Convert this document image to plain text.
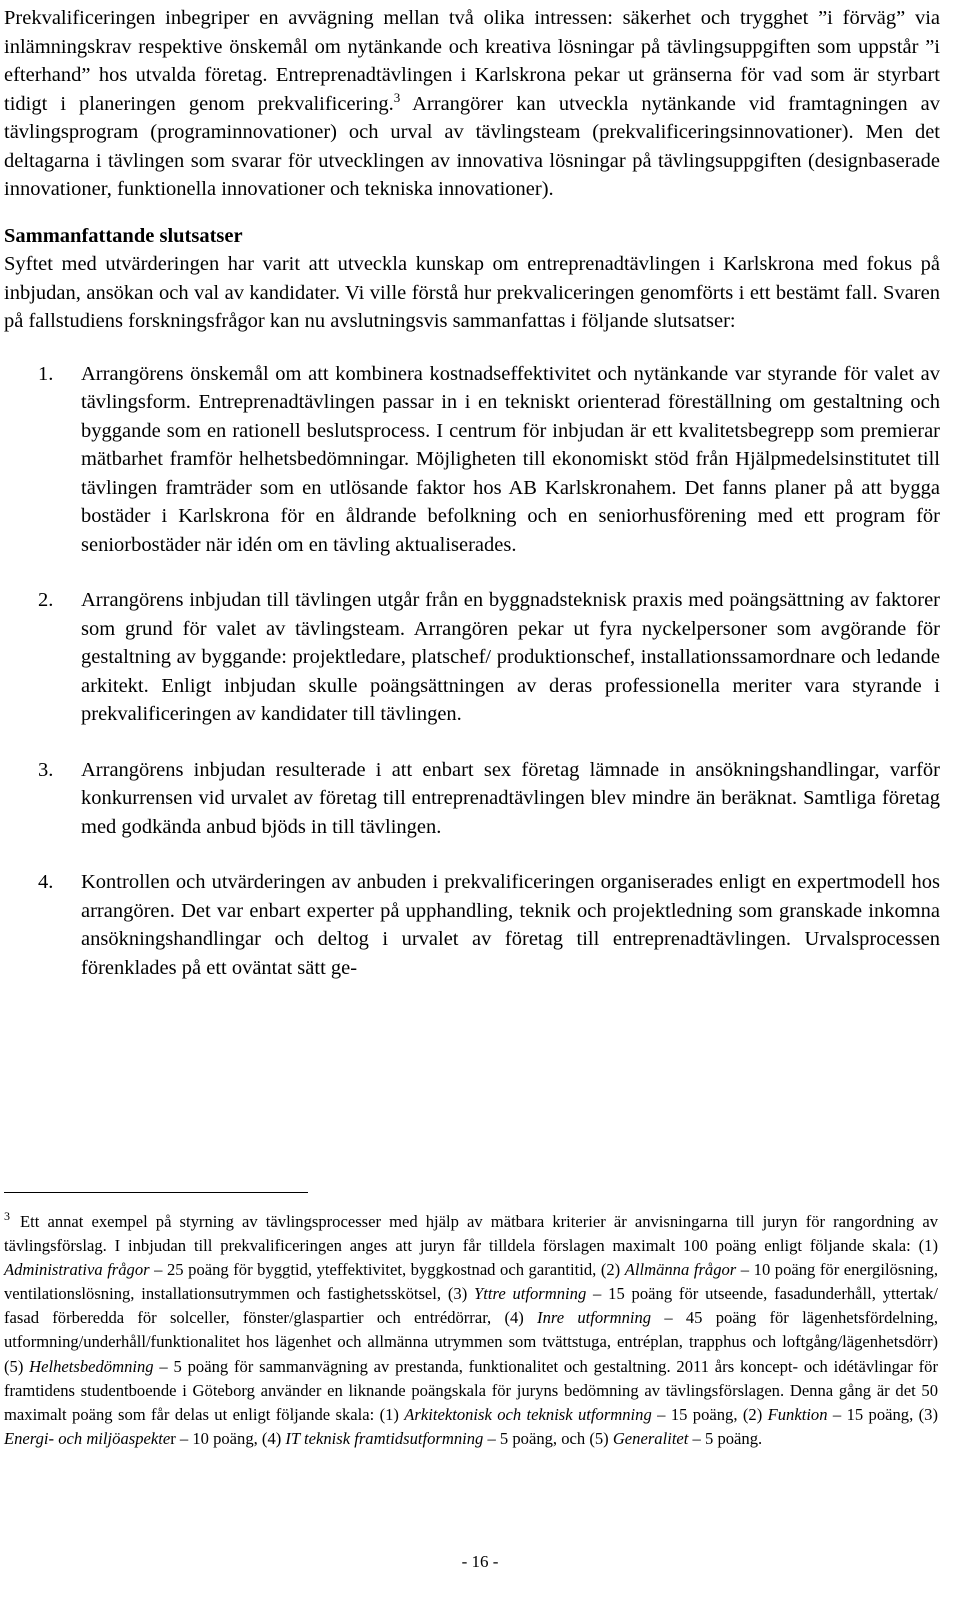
Prekvalificeringen inbegriper en avvägning mellan två olika intressen: säkerhet och trygghet ”i förväg” via inlämningskrav respektive önskemål om nytänkande och kreativa lösningar på tävlingsuppgiften som uppstår ”i efterhand” hos utvalda företag. Entreprenadtävlingen i Karlskrona pekar ut gränserna för vad som är styrbart tidigt i planeringen genom prekvalificering.$^3$ Arrangörer kan utveckla nytänkande vid framtagningen av tävlingsprogram (programinnovationer) och urval av tävlingsteam (prekvalificeringsinnovationer). Men det deltagarna i tävlingen som svarar för utvecklingen av innovativa lösningar på tävlingsuppgiften (designbaserade innovationer, funktionella innovationer och tekniska innovationer).

Sammanfattande slutsatser

Syftet med utvärderingen har varit att utveckla kunskap om entreprenadtävlingen i Karlskrona med fokus på inbjudan, ansökan och val av kandidater. Vi ville förstå hur prekvaliceringen genomförts i ett bestämt fall. Svaren på fallstudiens forskningsfrågor kan nu avslutningsvis sammanfattas i följande slutsatser:

1. Arrangörens önskemål om att kombinera kostnadseffektivitet och nytänkande var styrande för valet av tävlingsform. Entreprenadtävlingen passar in i en tekniskt orienterad föreställning om gestaltning och byggande som en rationell beslutsprocess. I centrum för inbjudan är ett kvalitetsbegrepp som premierar mätbarhet framför helhetsbedömningar. Möjligheten till ekonomiskt stöd från Hjälpmedelsinstitutet till tävlingen framträder som en utlösande faktor hos AB Karlskronahem. Det fanns planer på att bygga bostäder i Karlskrona för en åldrande befolkning och en seniorhusförening med ett program för seniorbostäder när idén om en tävling aktualiserades.

2. Arrangörens inbjudan till tävlingen utgår från en byggnadsteknisk praxis med poängsättning av faktorer som grund för valet av tävlingsteam. Arrangören pekar ut fyra nyckelpersoner som avgörande för gestaltning av byggande: projektledare, platschef/ produktionschef, installationssamordnare och ledande arkitekt. Enligt inbjudan skulle poängsättningen av deras professionella meriter vara styrande i prekvalificeringen av kandidater till tävlingen.

3. Arrangörens inbjudan resulterade i att enbart sex företag lämnade in ansökningshandlingar, varför konkurrensen vid urvalet av företag till entreprenadtävlingen blev mindre än beräknat. Samtliga företag med godkända anbud bjöds in till tävlingen.

4. Kontrollen och utvärderingen av anbuden i prekvalificeringen organiserades enligt en expertmodell hos arrangören. Det var enbart experter på upphandling, teknik och projektledning som granskade inkomna ansökningshandlingar och deltog i urvalet av företag till entreprenadtävlingen. Urvalsprocessen förenklades på ett oväntat sätt ge-

$^3$ Ett annat exempel på styrning av tävlingsprocesser med hjälp av mätbara kriterier är anvisningarna till juryn för rangordning av tävlingsförslag. I inbjudan till prekvalificeringen anges att juryn får tilldela förslagen maximalt 100 poäng enligt följande skala: (1) Administrativa frågor – 25 poäng för byggtid, yteffektivitet, byggkostnad och garantitid, (2) Allmänna frågor – 10 poäng för energilösning, ventilationslösning, installationsutrymmen och fastighetsskötsel, (3) Yttre utformning – 15 poäng för utseende, fasadunderhåll, yttertak/ fasad förberedda för solceller, fönster/glaspartier och entrédörrar, (4) Inre utformning – 45 poäng för lägenhetsfördelning, utformning/underhåll/funktionalitet hos lägenhet och allmänna utrymmen som tvättstuga, entréplan, trapphus och loftgång/lägenhetsdörr) (5) Helhetsbedömning – 5 poäng för sammanvägning av prestanda, funktionalitet och gestaltning. 2011 års koncept- och idétävlingar för framtidens studentboende i Göteborg använder en liknande poängskala för juryns bedömning av tävlingsförslagen. Denna gång är det 50 maximalt poäng som får delas ut enligt följande skala: (1) Arkitektonisk och teknisk utformning – 15 poäng, (2) Funktion – 15 poäng, (3) Energi- och miljöaspekter – 10 poäng, (4) IT teknisk framtidsutformning – 5 poäng, och (5) Generalitet – 5 poäng.

- 16 -
